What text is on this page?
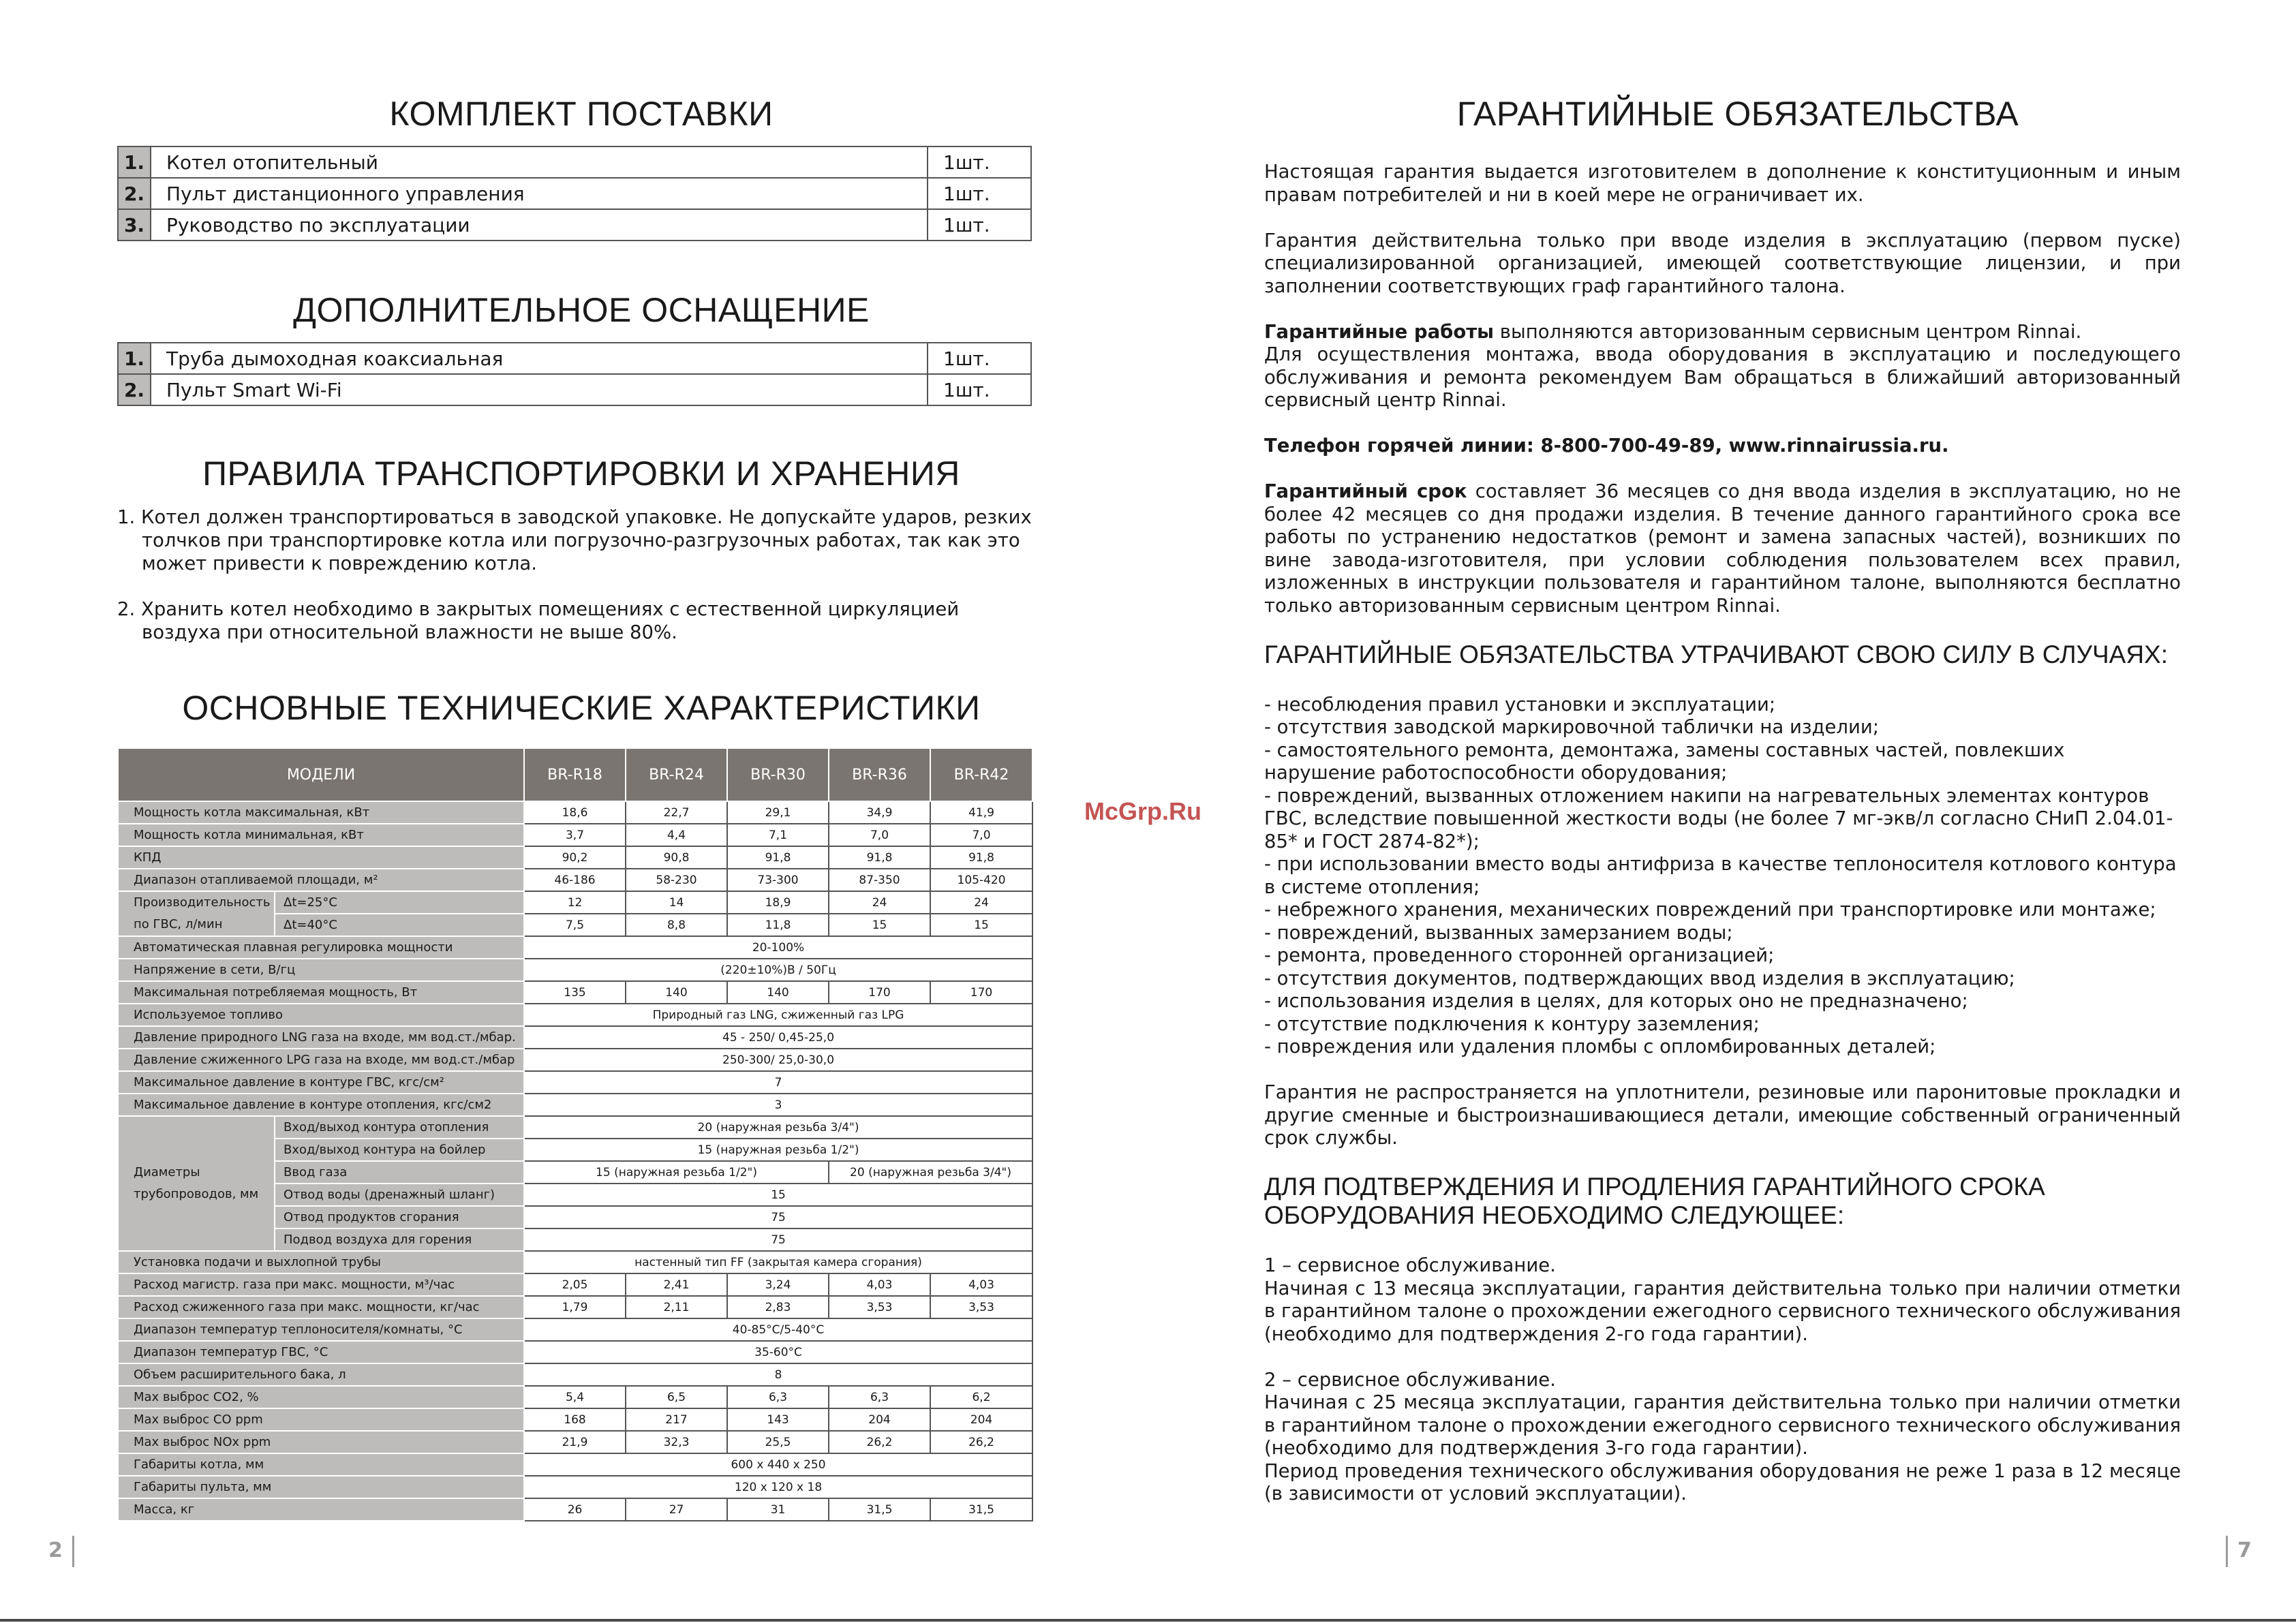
КОМПЛЕКТ ПОСТАВКИ
1.	Котел отопительный	1шт.
2.	Пульт дистанционного управления	1шт.
3.	Руководство по эксплуатации	1шт.
ДОПОЛНИТЕЛЬНОЕ ОСНАЩЕНИЕ
1.	Труба дымоходная коаксиальная	1шт.
2.	Пульт Smart Wi-Fi	1шт.
ПРАВИЛА ТРАНСПОРТИРОВКИ И ХРАНЕНИЯ

1. Котел должен транспортироваться в заводской упаковке. Не допускайте ударов, резких толчков при транспортировке котла или погрузочно-разгрузочных работах, так как это может привести к повреждению котла.

2. Хранить котел необходимо в закрытых помещениях с естественной циркуляцией воздуха при относительной влажности не выше 80%.

ОСНОВНЫЕ ТЕХНИЧЕСКИЕ ХАРАКТЕРИСТИКИ
МОДЕЛИ		BR-R18	BR-R24	BR-R30	BR-R36	BR-R42
Мощность котла максимальная, кВт		18,6	22,7	29,1	34,9	41,9
Мощность котла минимальная, кВт		3,7	4,4	7,1	7,0	7,0
КПД		90,2	90,8	91,8	91,8	91,8
Диапазон отапливаемой площади, м²		46-186	58-230	73-300	87-350	105-420
Производительность
по ГВС, л/мин	Δt=25°С	12	14	18,9	24	24
	Δt=40°С	7,5	8,8	11,8	15	15
Автоматическая плавная регулировка мощности		20-100%				
Напряжение в сети, В/гц		(220±10%)В / 50Гц				
Максимальная потребляемая мощность, Вт		135	140	140	170	170
Используемое топливо		Природный газ LNG, сжиженный газ LPG				
Давление природного LNG газа на входе, мм вод.ст./мбар.		45 - 250/ 0,45-25,0				
Давление сжиженного LPG газа на входе, мм вод.ст./мбар		250-300/ 25,0-30,0				
Максимальное давление в контуре ГВС, кгс/см²		7				
Максимальное давление в контуре отопления, кгс/см2		3				
Диаметры
трубопроводов, мм	Вход/выход контура отопления	20 (наружная резьба 3/4")				
	Вход/выход контура на бойлер	15 (наружная резьба 1/2")				
	Ввод газа	15 (наружная резьба 1/2")			20 (наружная резьба 3/4")	
	Отвод воды (дренажный шланг)	15				
	Отвод продуктов сгорания	75				
	Подвод воздуха для горения	75				
Установка подачи и выхлопной трубы		настенный тип FF (закрытая камера сгорания)				
Расход магистр. газа при макс. мощности, м³/час		2,05	2,41	3,24	4,03	4,03
Расход сжиженного газа при макс. мощности, кг/час		1,79	2,11	2,83	3,53	3,53
Диапазон температур теплоносителя/комнаты, °С		40-85°С/5-40°С				
Диапазон температур ГВС, °С		35-60°С				
Объем расширительного бака, л		8				
Max выброс CO2, %		5,4	6,5	6,3	6,3	6,2
Max выброс CO ppm		168	217	143	204	204
Max выброс NOx ppm		21,9	32,3	25,5	26,2	26,2
Габариты котла, мм		600 х 440 х 250				
Габариты пульта, мм		120 х 120 х 18				
Масса, кг		26	27	31	31,5	31,5
2
McGrp.Ru
ГАРАНТИЙНЫЕ ОБЯЗАТЕЛЬСТВА

Настоящая гарантия выдается изготовителем в дополнение к конституционным и иным правам потребителей и ни в коей мере не ограничивает их.

Гарантия действительна только при вводе изделия в эксплуатацию (первом пуске) специализированной организацией, имеющей соответствующие лицензии, и при заполнении соответствующих граф гарантийного талона.

Гарантийные работы выполняются авторизованным сервисным центром Rinnai.
Для осуществления монтажа, ввода оборудования в эксплуатацию и последующего обслуживания и ремонта рекомендуем Вам обращаться в ближайший авторизованный сервисный центр Rinnai.

Телефон горячей линии: 8-800-700-49-89, www.rinnairussia.ru.

Гарантийный срок составляет 36 месяцев со дня ввода изделия в эксплуатацию, но не более 42 месяцев со дня продажи изделия. В течение данного гарантийного срока все работы по устранению недостатков (ремонт и замена запасных частей), возникших по вине завода-изготовителя, при условии соблюдения пользователем всех правил, изложенных в инструкции пользователя и гарантийном талоне, выполняются бесплатно только авторизованным сервисным центром Rinnai.

ГАРАНТИЙНЫЕ ОБЯЗАТЕЛЬСТВА УТРАЧИВАЮТ СВОЮ СИЛУ В СЛУЧАЯХ:
- несоблюдения правил установки и эксплуатации;
- отсутствия заводской маркировочной таблички на изделии;
- самостоятельного ремонта, демонтажа, замены составных частей, повлекших нарушение работоспособности оборудования;
- повреждений, вызванных отложением накипи на нагревательных элементах контуров ГВС, вследствие повышенной жесткости воды (не более 7 мг-экв/л согласно СНиП 2.04.01-85* и ГОСТ 2874-82*);
- при использовании вместо воды антифриза в качестве теплоносителя котлового контура в системе отопления;
- небрежного хранения, механических повреждений при транспортировке или монтаже;
- повреждений, вызванных замерзанием воды;
- ремонта, проведенного сторонней организацией;
- отсутствия документов, подтверждающих ввод изделия в эксплуатацию;
- использования изделия в целях, для которых оно не предназначено;
- отсутствие подключения к контуру заземления;
- повреждения или удаления пломбы с опломбированных деталей;

Гарантия не распространяется на уплотнители, резиновые или паронитовые прокладки и другие сменные и быстроизнашивающиеся детали, имеющие собственный ограниченный срок службы.

ДЛЯ ПОДТВЕРЖДЕНИЯ И ПРОДЛЕНИЯ ГАРАНТИЙНОГО СРОКА ОБОРУДОВАНИЯ НЕОБХОДИМО СЛЕДУЮЩЕЕ:

1 – сервисное обслуживание.
Начиная с 13 месяца эксплуатации, гарантия действительна только при наличии отметки в гарантийном талоне о прохождении ежегодного сервисного технического обслуживания (необходимо для подтверждения 2-го года гарантии).

2 – сервисное обслуживание.
Начиная с 25 месяца эксплуатации, гарантия действительна только при наличии отметки в гарантийном талоне о прохождении ежегодного сервисного технического обслуживания (необходимо для подтверждения 3-го года гарантии).
Период проведения технического обслуживания оборудования не реже 1 раза в 12 месяце (в зависимости от условий эксплуатации).

7
